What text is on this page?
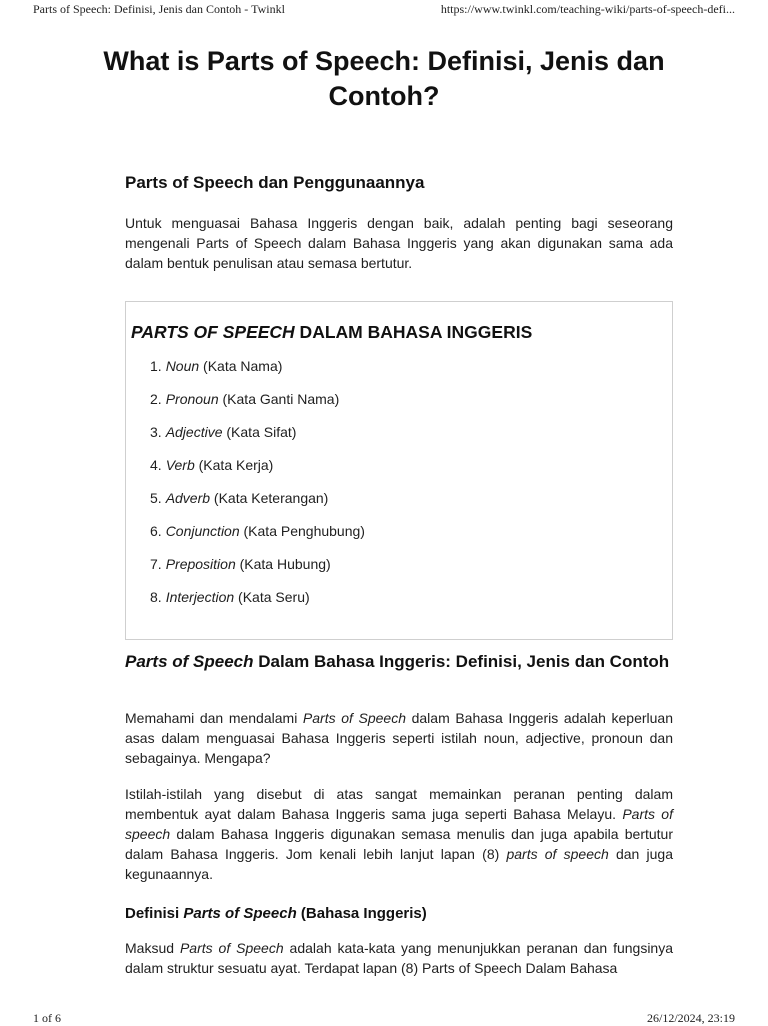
Parts of Speech: Definisi, Jenis dan Contoh - Twinkl	https://www.twinkl.com/teaching-wiki/parts-of-speech-defi...
What is Parts of Speech: Definisi, Jenis dan Contoh?
Parts of Speech dan Penggunaannya

Untuk menguasai Bahasa Inggeris dengan baik, adalah penting bagi seseorang mengenali Parts of Speech dalam Bahasa Inggeris yang akan digunakan sama ada dalam bentuk penulisan atau semasa bertutur.

PARTS OF SPEECH DALAM BAHASA INGGERIS
1. Noun (Kata Nama)
2. Pronoun (Kata Ganti Nama)
3. Adjective (Kata Sifat)
4. Verb (Kata Kerja)
5. Adverb (Kata Keterangan)
6. Conjunction (Kata Penghubung)
7. Preposition (Kata Hubung)
8. Interjection (Kata Seru)
Parts of Speech Dalam Bahasa Inggeris: Definisi, Jenis dan Contoh

Memahami dan mendalami Parts of Speech dalam Bahasa Inggeris adalah keperluan asas dalam menguasai Bahasa Inggeris seperti istilah noun, adjective, pronoun dan sebagainya. Mengapa?

Istilah-istilah yang disebut di atas sangat memainkan peranan penting dalam membentuk ayat dalam Bahasa Inggeris sama juga seperti Bahasa Melayu. Parts of speech dalam Bahasa Inggeris digunakan semasa menulis dan juga apabila bertutur dalam Bahasa Inggeris. Jom kenali lebih lanjut lapan (8) parts of speech dan juga kegunaannya.

Definisi Parts of Speech (Bahasa Inggeris)

Maksud Parts of Speech adalah kata-kata yang menunjukkan peranan dan fungsinya dalam struktur sesuatu ayat. Terdapat lapan (8) Parts of Speech Dalam Bahasa

1 of 6	26/12/2024, 23:19
